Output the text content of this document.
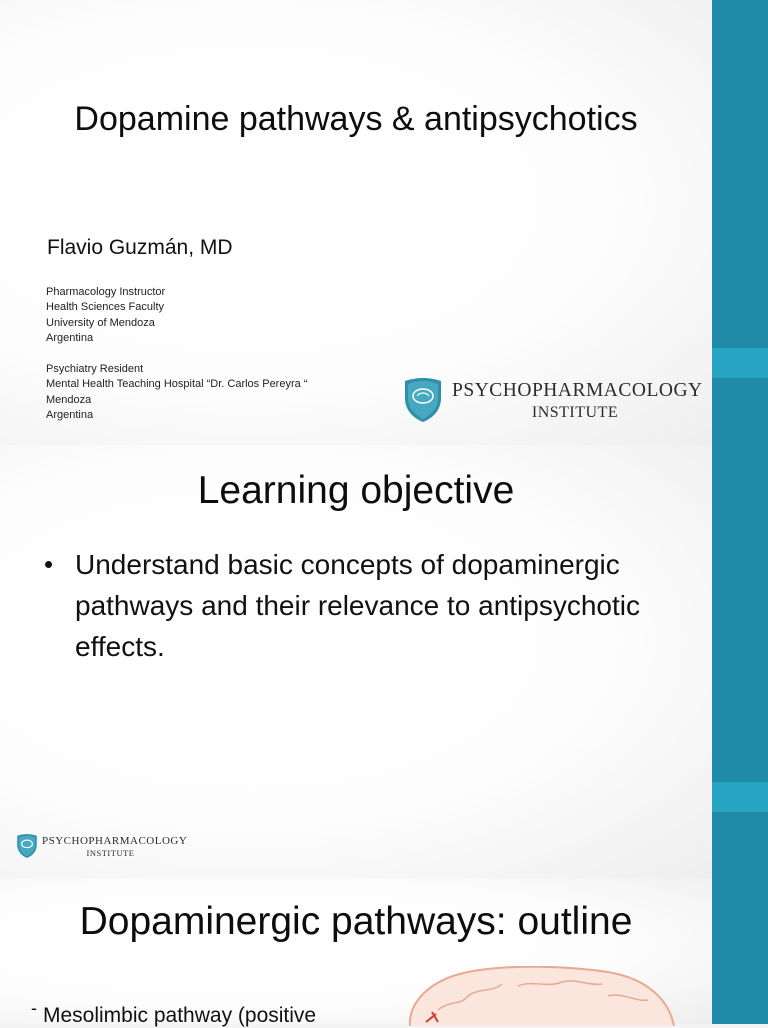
Dopamine pathways & antipsychotics
Flavio Guzmán, MD
Pharmacology Instructor
Health Sciences Faculty
University of Mendoza
Argentina
Psychiatry Resident
Mental Health Teaching Hospital “Dr. Carlos Pereyra “
Mendoza
Argentina
PSYCHOPHARMACOLOGY
INSTITUTE
Learning objective
PSYCHOPHARMACOLOGY
INSTITUTE
• Understand basic concepts of dopaminergic pathways and their relevance to antipsychotic effects.
Dopaminergic pathways: outline
- Mesolimbic pathway (positive
